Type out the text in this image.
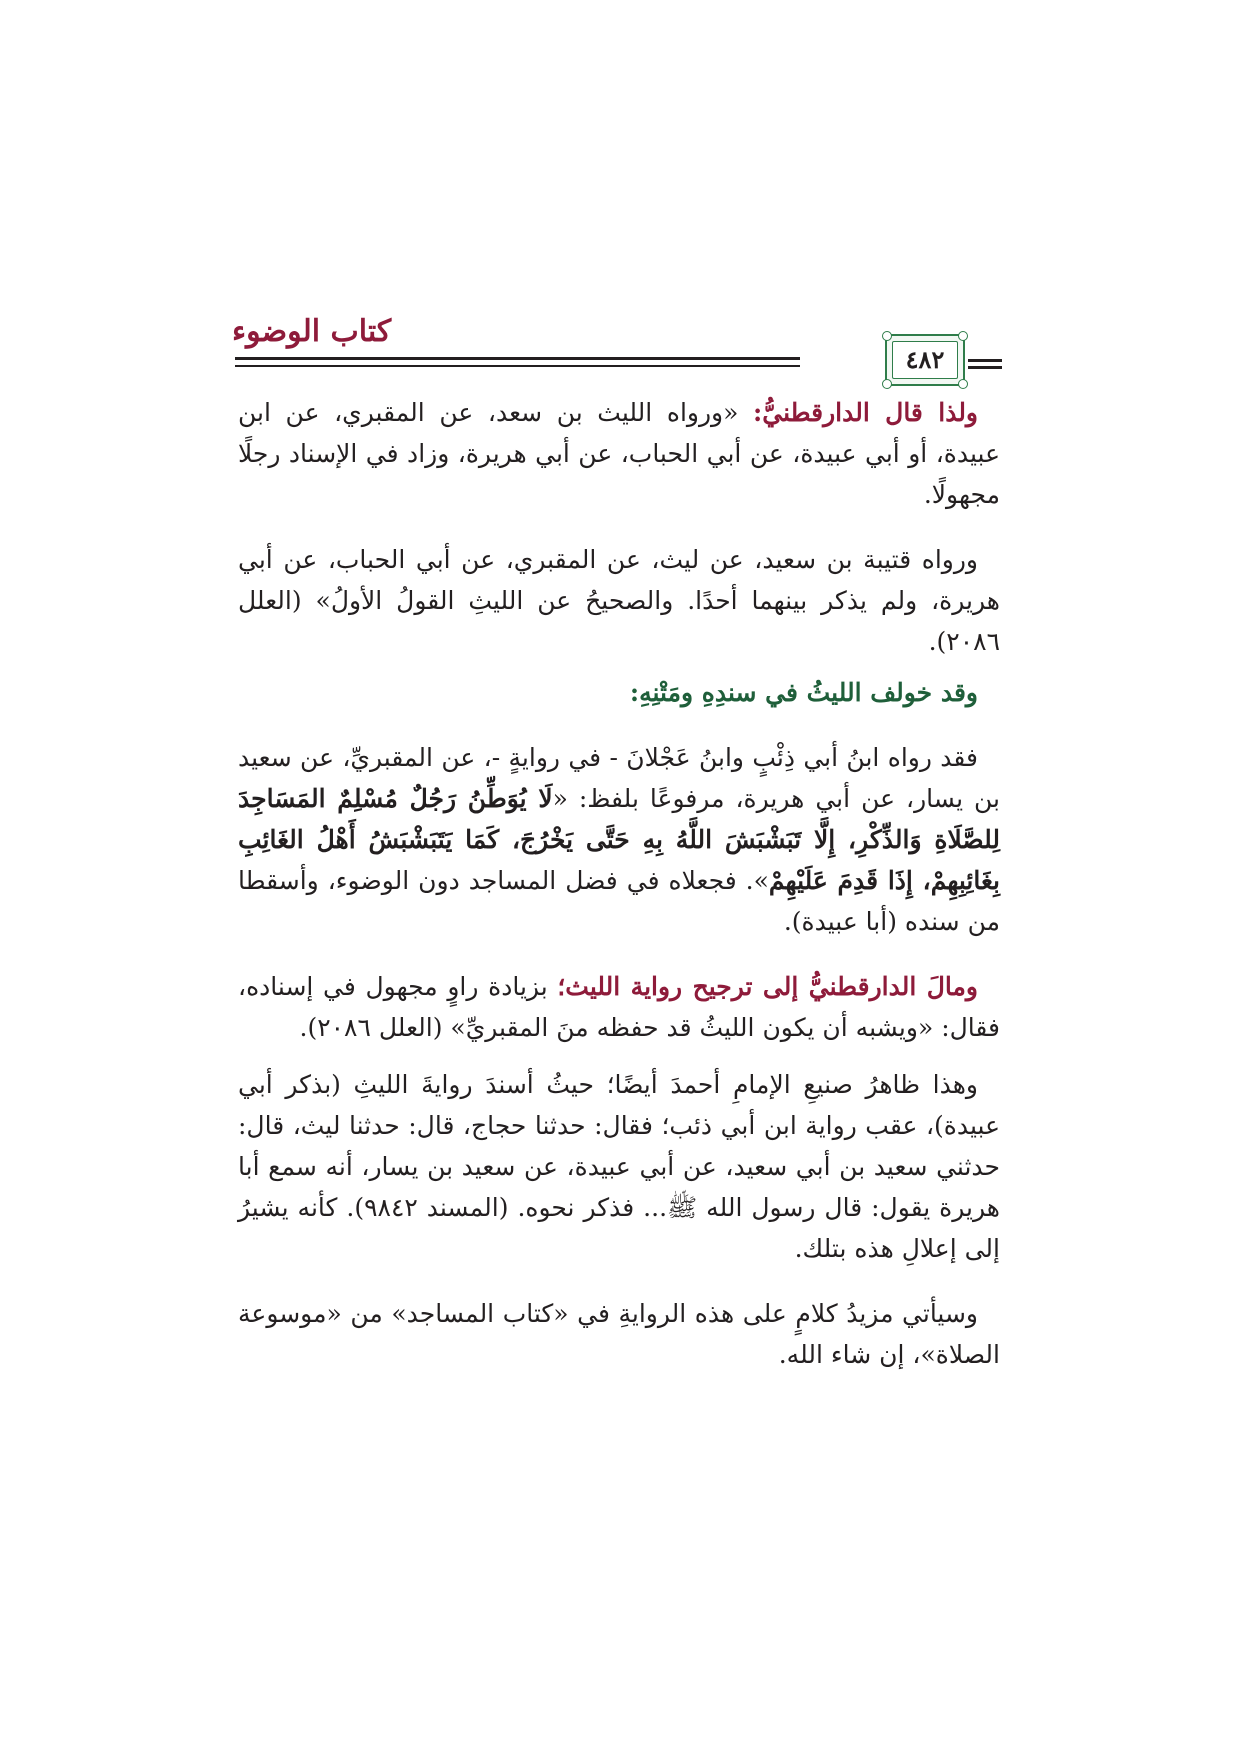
كتاب الوضوء
٤٨٢

ولذا قال الدارقطنيُّ: «ورواه الليث بن سعد، عن المقبري، عن ابن عبيدة، أو أبي عبيدة، عن أبي الحباب، عن أبي هريرة، وزاد في الإسناد رجلًا مجهولًا.

ورواه قتيبة بن سعيد، عن ليث، عن المقبري، عن أبي الحباب، عن أبي هريرة، ولم يذكر بينهما أحدًا. والصحيحُ عن الليثِ القولُ الأولُ» (العلل ٢٠٨٦).

وقد خولف الليثُ في سندِهِ ومَتْنِهِ:

فقد رواه ابنُ أبي ذِئْبٍ وابنُ عَجْلانَ - في روايةٍ -، عن المقبريِّ، عن سعيد بن يسار، عن أبي هريرة، مرفوعًا بلفظ: «لَا يُوَطِّنُ رَجُلٌ مُسْلِمٌ المَسَاجِدَ لِلصَّلَاةِ وَالذِّكْرِ، إِلَّا تَبَشْبَشَ اللَّهُ بِهِ حَتَّى يَخْرُجَ، كَمَا يَتَبَشْبَشُ أَهْلُ الغَائِبِ بِغَائِبِهِمْ، إِذَا قَدِمَ عَلَيْهِمْ». فجعلاه في فضل المساجد دون الوضوء، وأسقطا من سنده (أبا عبيدة).

ومالَ الدارقطنيُّ إلى ترجيح رواية الليث؛ بزيادة راوٍ مجهول في إسناده، فقال: «ويشبه أن يكون الليثُ قد حفظه منَ المقبريِّ» (العلل ٢٠٨٦).

وهذا ظاهرُ صنيعِ الإمامِ أحمدَ أيضًا؛ حيثُ أسندَ روايةَ الليثِ (بذكر أبي عبيدة)، عقب رواية ابن أبي ذئب؛ فقال: حدثنا حجاج، قال: حدثنا ليث، قال: حدثني سعيد بن أبي سعيد، عن أبي عبيدة، عن سعيد بن يسار، أنه سمع أبا هريرة يقول: قال رسول الله ﷺ... فذكر نحوه. (المسند ٩٨٤٢). كأنه يشيرُ إلى إعلالِ هذه بتلك.

وسيأتي مزيدُ كلامٍ على هذه الروايةِ في «كتاب المساجد» من «موسوعة الصلاة»، إن شاء الله.
